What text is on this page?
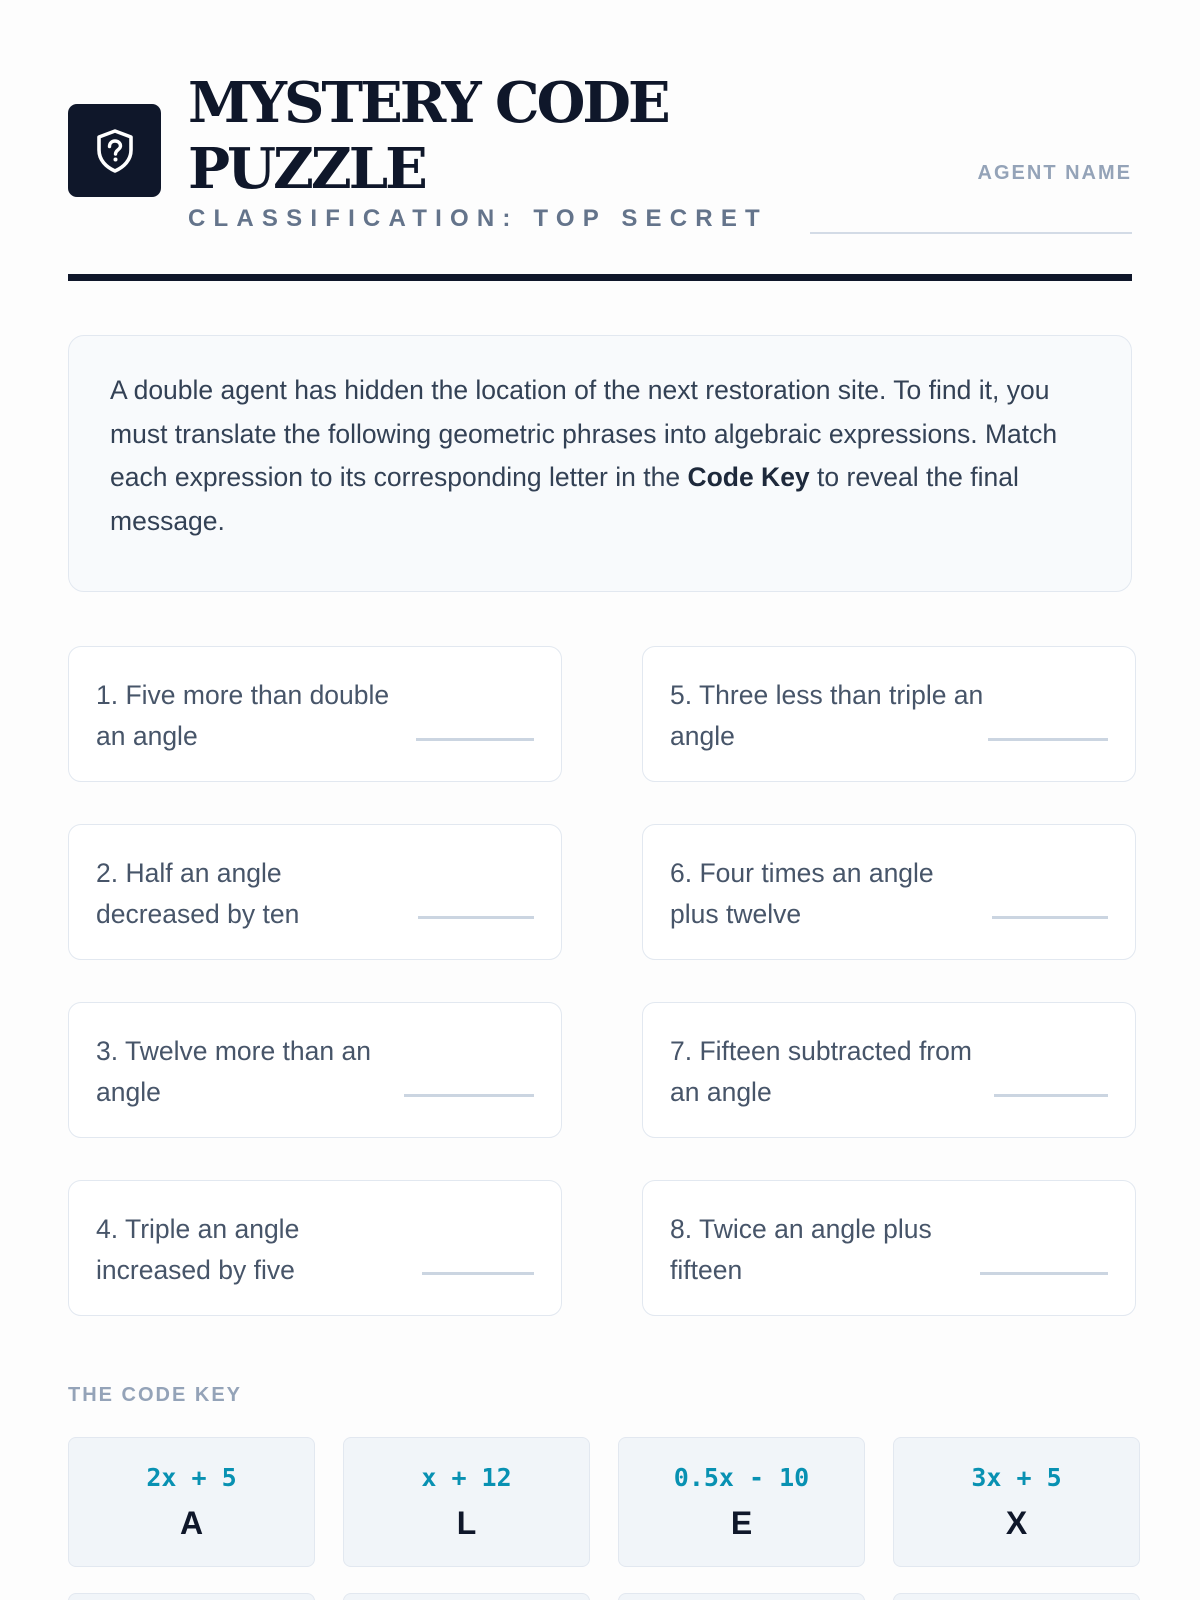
MYSTERY CODE PUZZLE
CLASSIFICATION: TOP SECRET
AGENT NAME
A double agent has hidden the location of the next restoration site. To find it, you must translate the following geometric phrases into algebraic expressions. Match each expression to its corresponding letter in the Code Key to reveal the final message.
1. Five more than double an angle
5. Three less than triple an angle
2. Half an angle decreased by ten
6. Four times an angle plus twelve
3. Twelve more than an angle
7. Fifteen subtracted from an angle
4. Triple an angle increased by five
8. Twice an angle plus fifteen
THE CODE KEY
2x + 5
A
x + 12
L
0.5x - 10
E
3x + 5
X
